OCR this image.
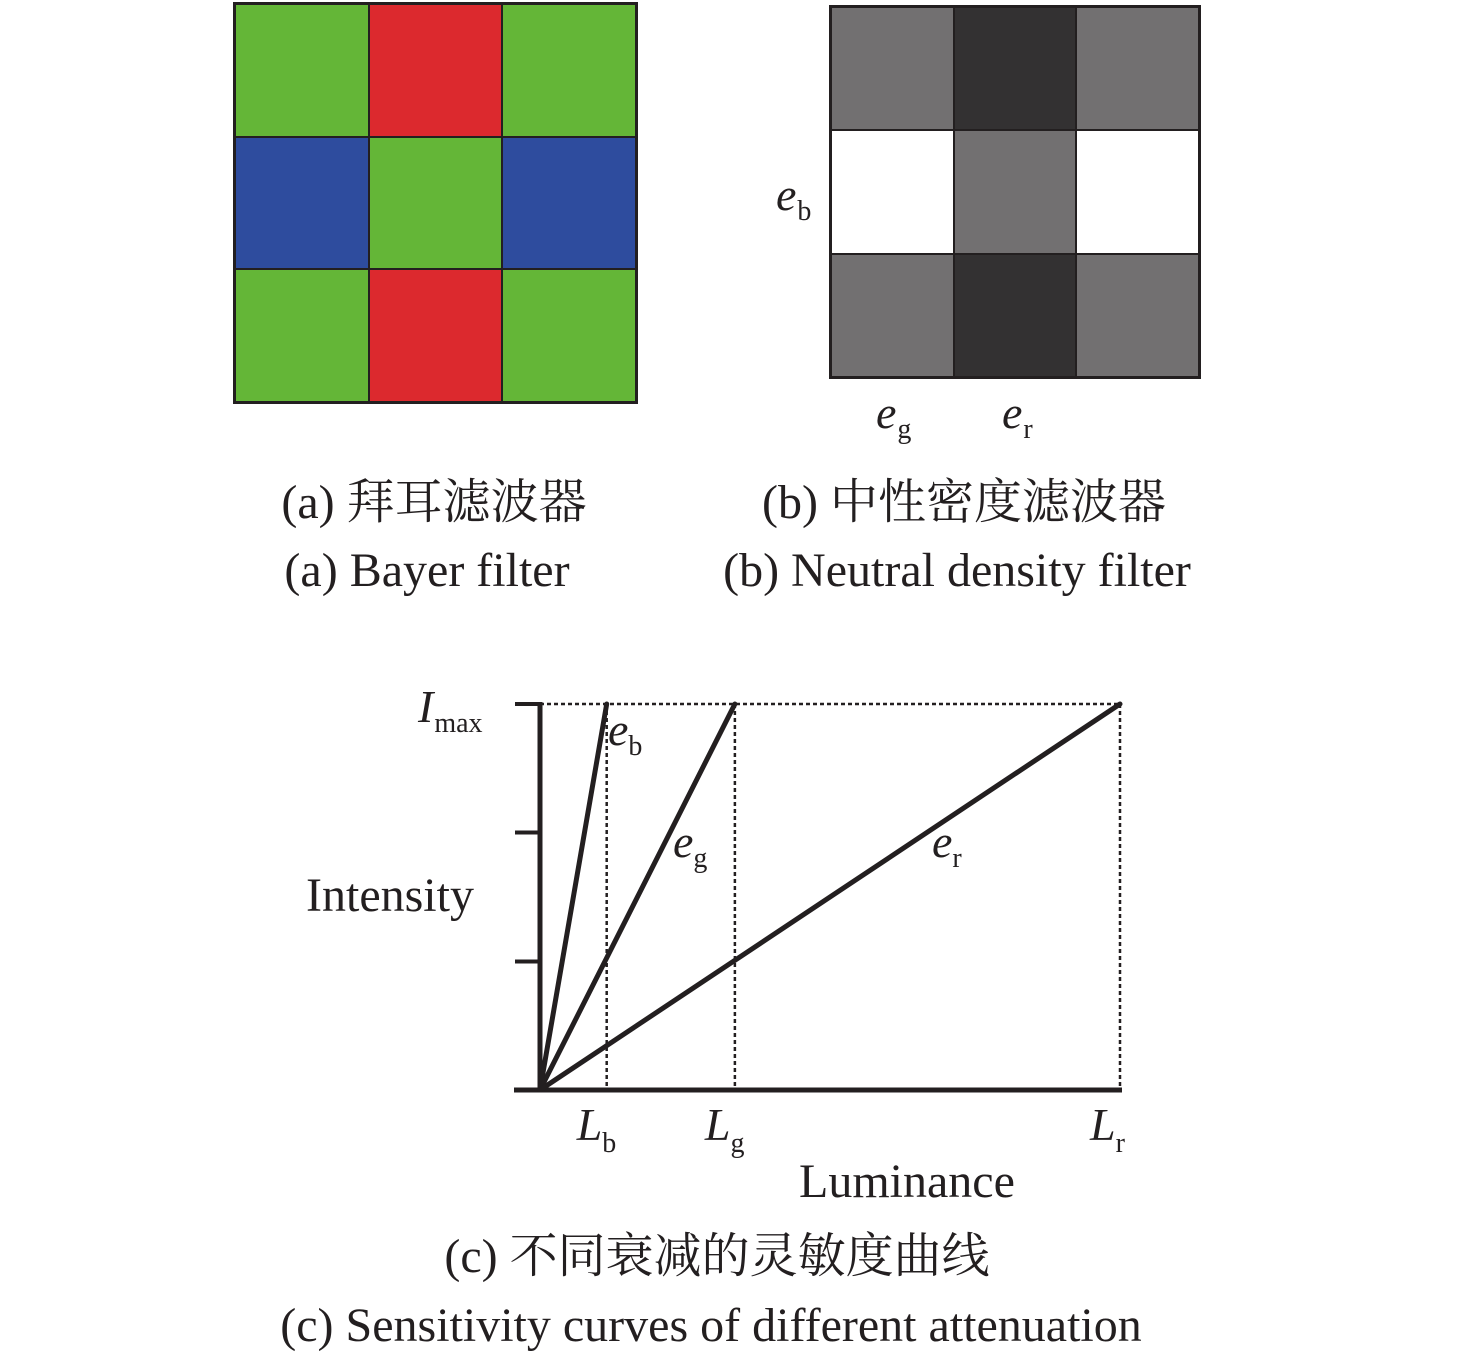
$e_b$
$e_g$ $e_r$
(a) 拜耳滤波器
(a) Bayer filter
(b) 中性密度滤波器
(b) Neutral density filter
$e_b$
$e_g$	$e_r$
$L_b$ $L_g$	$L_r$
$I_{max}$
Intensity
Luminance
(c) 不同衰减的灵敏度曲线
(c) Sensitivity curves of different attenuation
